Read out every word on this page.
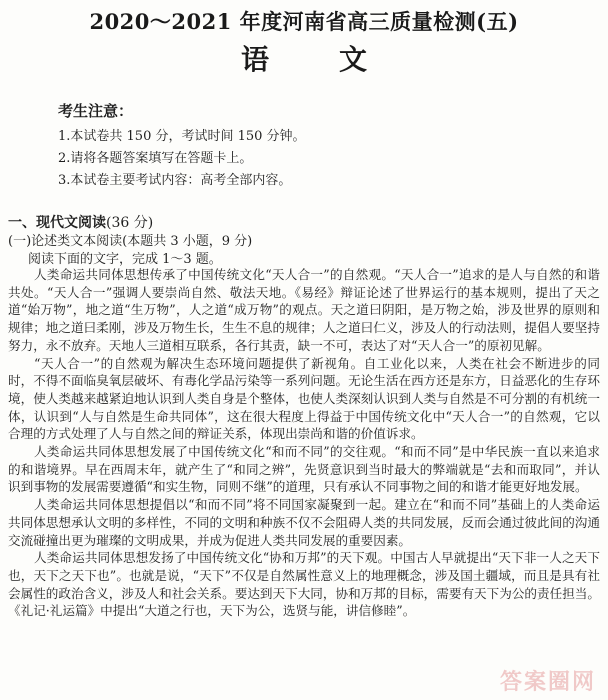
2020～2021 年度河南省高三质量检测(五)
语文
考生注意：
1.本试卷共 150 分，考试时间 150 分钟。
2.请将各题答案填写在答题卡上。
3.本试卷主要考试内容：高考全部内容。
一、现代文阅读(36 分)
(一)论述类文本阅读(本题共 3 小题，9 分)
阅读下面的文字，完成 1～3 题。

人类命运共同体思想传承了中国传统文化“天人合一”的自然观。“天人合一”追求的是人与自然的和谐共处。“天人合一”强调人要崇尚自然、敬法天地。《易经》辩证论述了世界运行的基本规则，提出了天之道“始万物”，地之道“生万物”，人之道“成万物”的观点。天之道曰阴阳，是万物之始，涉及世界的原则和规律；地之道曰柔刚，涉及万物生长，生生不息的规律；人之道曰仁义，涉及人的行动法则，提倡人要坚持努力，永不放弃。天地人三道相互联系，各行其责，缺一不可，表达了对“天人合一”的原初见解。

“天人合一”的自然观为解决生态环境问题提供了新视角。自工业化以来，人类在社会不断进步的同时，不得不面临臭氧层破坏、有毒化学品污染等一系列问题。无论生活在西方还是东方，日益恶化的生存环境，使人类越来越紧迫地认识到人类自身是个整体，也使人类深刻认识到人类与自然是不可分割的有机统一体，认识到“人与自然是生命共同体”，这在很大程度上得益于中国传统文化中“天人合一”的自然观，它以合理的方式处理了人与自然之间的辩证关系，体现出崇尚和谐的价值诉求。

人类命运共同体思想发展了中国传统文化“和而不同”的交往观。“和而不同”是中华民族一直以来追求的和谐境界。早在西周末年，就产生了“和同之辨”，先贤意识到当时最大的弊端就是“去和而取同”，并认识到事物的发展需要遵循“和实生物，同则不继”的道理，只有承认不同事物之间的和谐才能更好地发展。

人类命运共同体思想提倡以“和而不同”将不同国家凝聚到一起。建立在“和而不同”基础上的人类命运共同体思想承认文明的多样性，不同的文明和种族不仅不会阻碍人类的共同发展，反而会通过彼此间的沟通交流碰撞出更为璀璨的文明成果，并成为促进人类共同发展的重要因素。

人类命运共同体思想发扬了中国传统文化“协和万邦”的天下观。中国古人早就提出“天下非一人之天下也，天下之天下也”。也就是说，“天下”不仅是自然属性意义上的地理概念，涉及国土疆域，而且是具有社会属性的政治含义，涉及人和社会关系。要达到天下大同，协和万邦的目标，需要有天下为公的责任担当。《礼记·礼运篇》中提出“大道之行也，天下为公，选贤与能，讲信修睦”。

答案圈网
